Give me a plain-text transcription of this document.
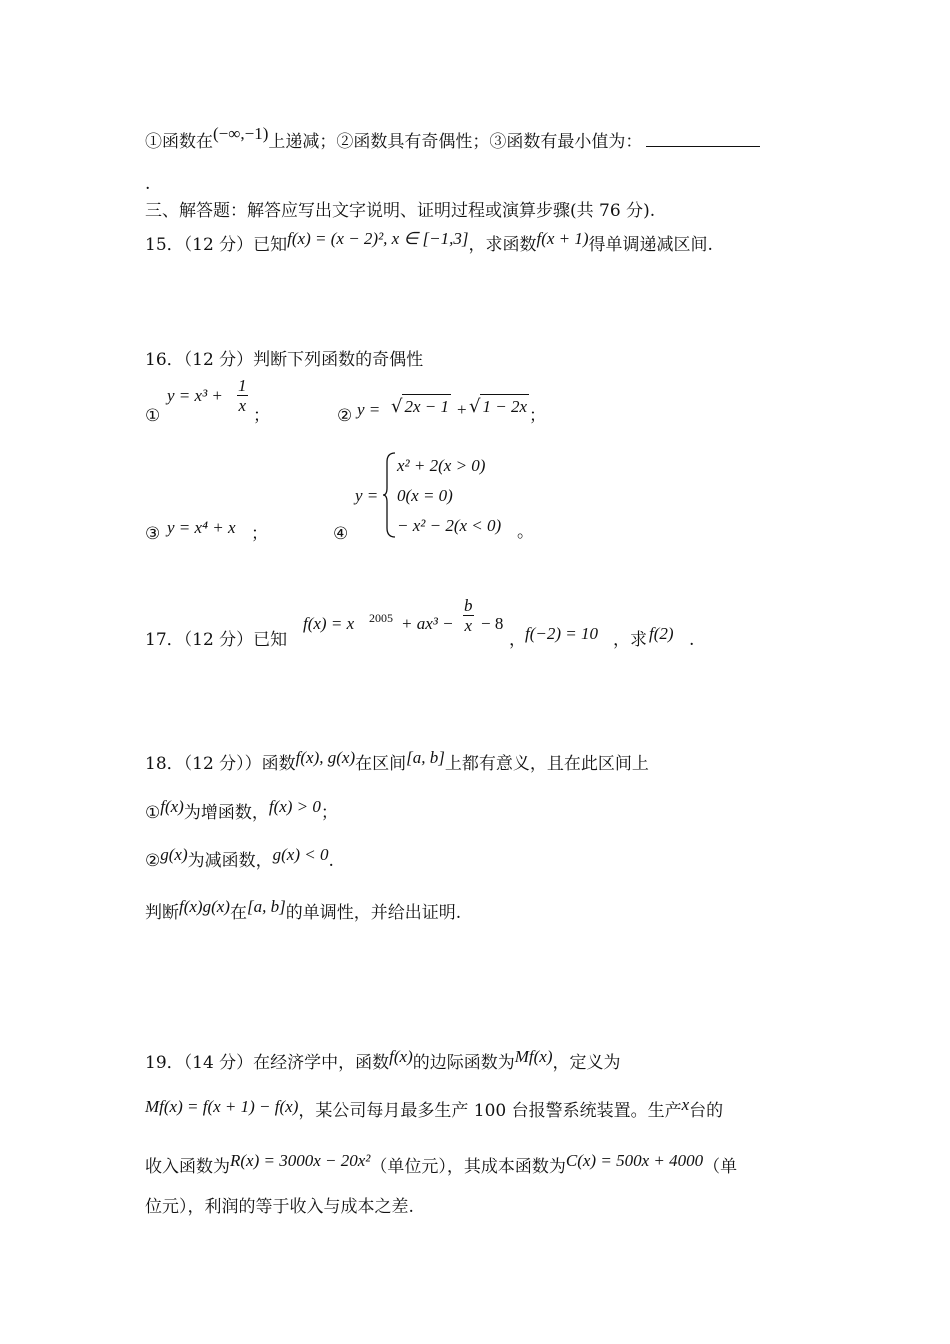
①函数在(−∞,−1)上递减；②函数具有奇偶性；③函数有最小值为：
.
三、解答题：解答应写出文字说明、证明过程或演算步骤(共 76 分).
15．（12 分）已知f(x) = (x − 2)², x ∈ [−1,3]，求函数f(x + 1)得单调递减区间.
16．（12 分）判断下列函数的奇偶性
①
$y = x^3 + \frac{1}{x}$
；	② y = √ 2x − 1 + √ 1 − 2x ；
③ y = x⁴ + x ；	④
y =
x² + 2(x > 0)
0(x = 0)
− x² − 2(x < 0) 。
17．（12 分）已知
f(x) = x $2005 + ax^3 - \frac{b}{x} - 8$
， f(−2) = 10 ，求 f(2) .
18．（12 分））函数f(x), g(x)在区间[a, b]上都有意义，且在此区间上
①f(x)为增函数，f(x) > 0；
②g(x)为减函数，g(x) < 0.
判断f(x)g(x)在[a, b]的单调性，并给出证明.
19．（14 分）在经济学中，函数f(x)的边际函数为Mf(x)，定义为
Mf(x) = f(x + 1) − f(x)，某公司每月最多生产 100 台报警系统装置。生产x台的
收入函数为R(x) = 3000x − 20x²（单位元），其成本函数为C(x) = 500x + 4000（单
位元），利润的等于收入与成本之差.
